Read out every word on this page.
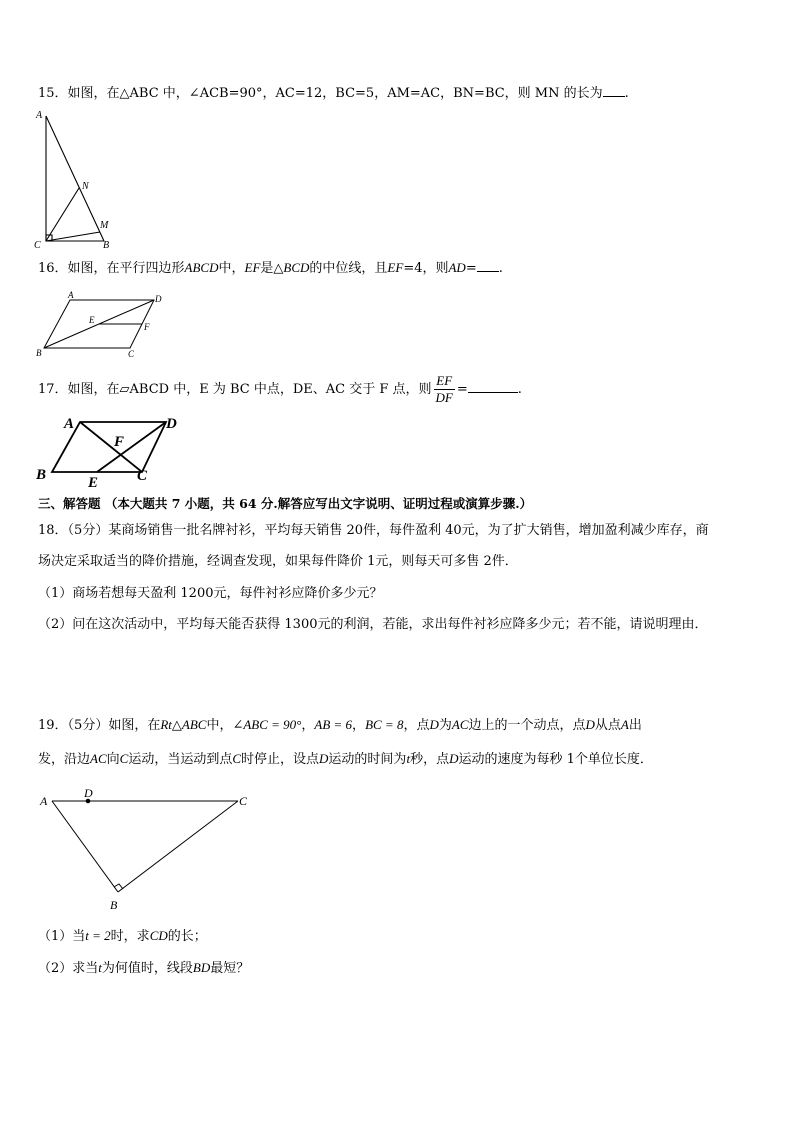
15．如图，在△ABC 中，∠ACB=90°，AC=12，BC=5，AM=AC，BN=BC，则 MN 的长为 .
A
N
M
C	B
16．如图，在平行四边形ABCD中，EF是△BCD的中位线，且EF=4，则AD= .
A	D
E
F
B	C
17．如图，在▱ABCD 中，E 为 BC 中点，DE、AC 交于 F 点，则 $\frac{EF}{DF}$ =	.
A	D
F
B	E	C
三、解答题 （本大题共 7 小题，共 64 分.解答应写出文字说明、证明过程或演算步骤.）
18．（5分）某商场销售一批名牌衬衫，平均每天销售 20件，每件盈利 40元，为了扩大销售，增加盈利减少库存，商
场决定采取适当的降价措施，经调查发现，如果每件降价 1元，则每天可多售 2件．
（1）商场若想每天盈利 1200元，每件衬衫应降价多少元？
（2）问在这次活动中，平均每天能否获得 1300元的利润，若能，求出每件衬衫应降多少元；若不能，请说明理由．
19．（5分）如图，在Rt△ABC中，∠ABC = 90°，AB = 6，BC = 8，点D为AC边上的一个动点，点D从点A出
发，沿边AC向C运动，当运动到点C时停止，设点D运动的时间为t秒，点D运动的速度为每秒 1个单位长度．
A
D
C
B
（1）当t = 2时，求CD的长；
（2）求当t为何值时，线段BD最短？
